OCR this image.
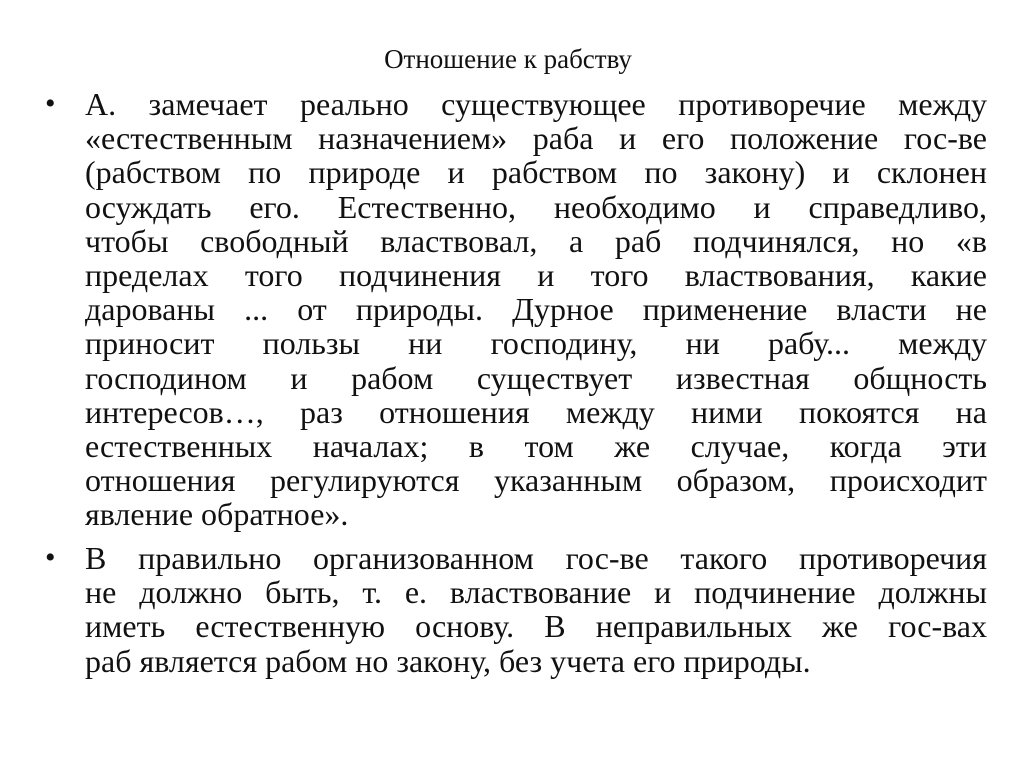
Отношение к рабству
• А. замечает реально существующее противоречие между
«естественным назначением» раба и его положение гос-ве
(рабством по природе и рабством по закону) и склонен
осуждать его. Естественно, необходимо и справедливо,
чтобы свободный властвовал, а раб подчинялся, но «в
пределах того подчинения и того властвования, какие
дарованы ... от природы. Дурное применение власти не
приносит пользы ни господину, ни рабу... между
господином и рабом существует известная общность
интересов…, раз отношения между ними покоятся на
естественных началах; в том же случае, когда эти
отношения регулируются указанным образом, происходит
явление обратное».
• В правильно организованном гос-ве такого противоречия
не должно быть, т. е. властвование и подчинение должны
иметь естественную основу. В неправильных же гос-вах
раб является рабом но закону, без учета его природы.
